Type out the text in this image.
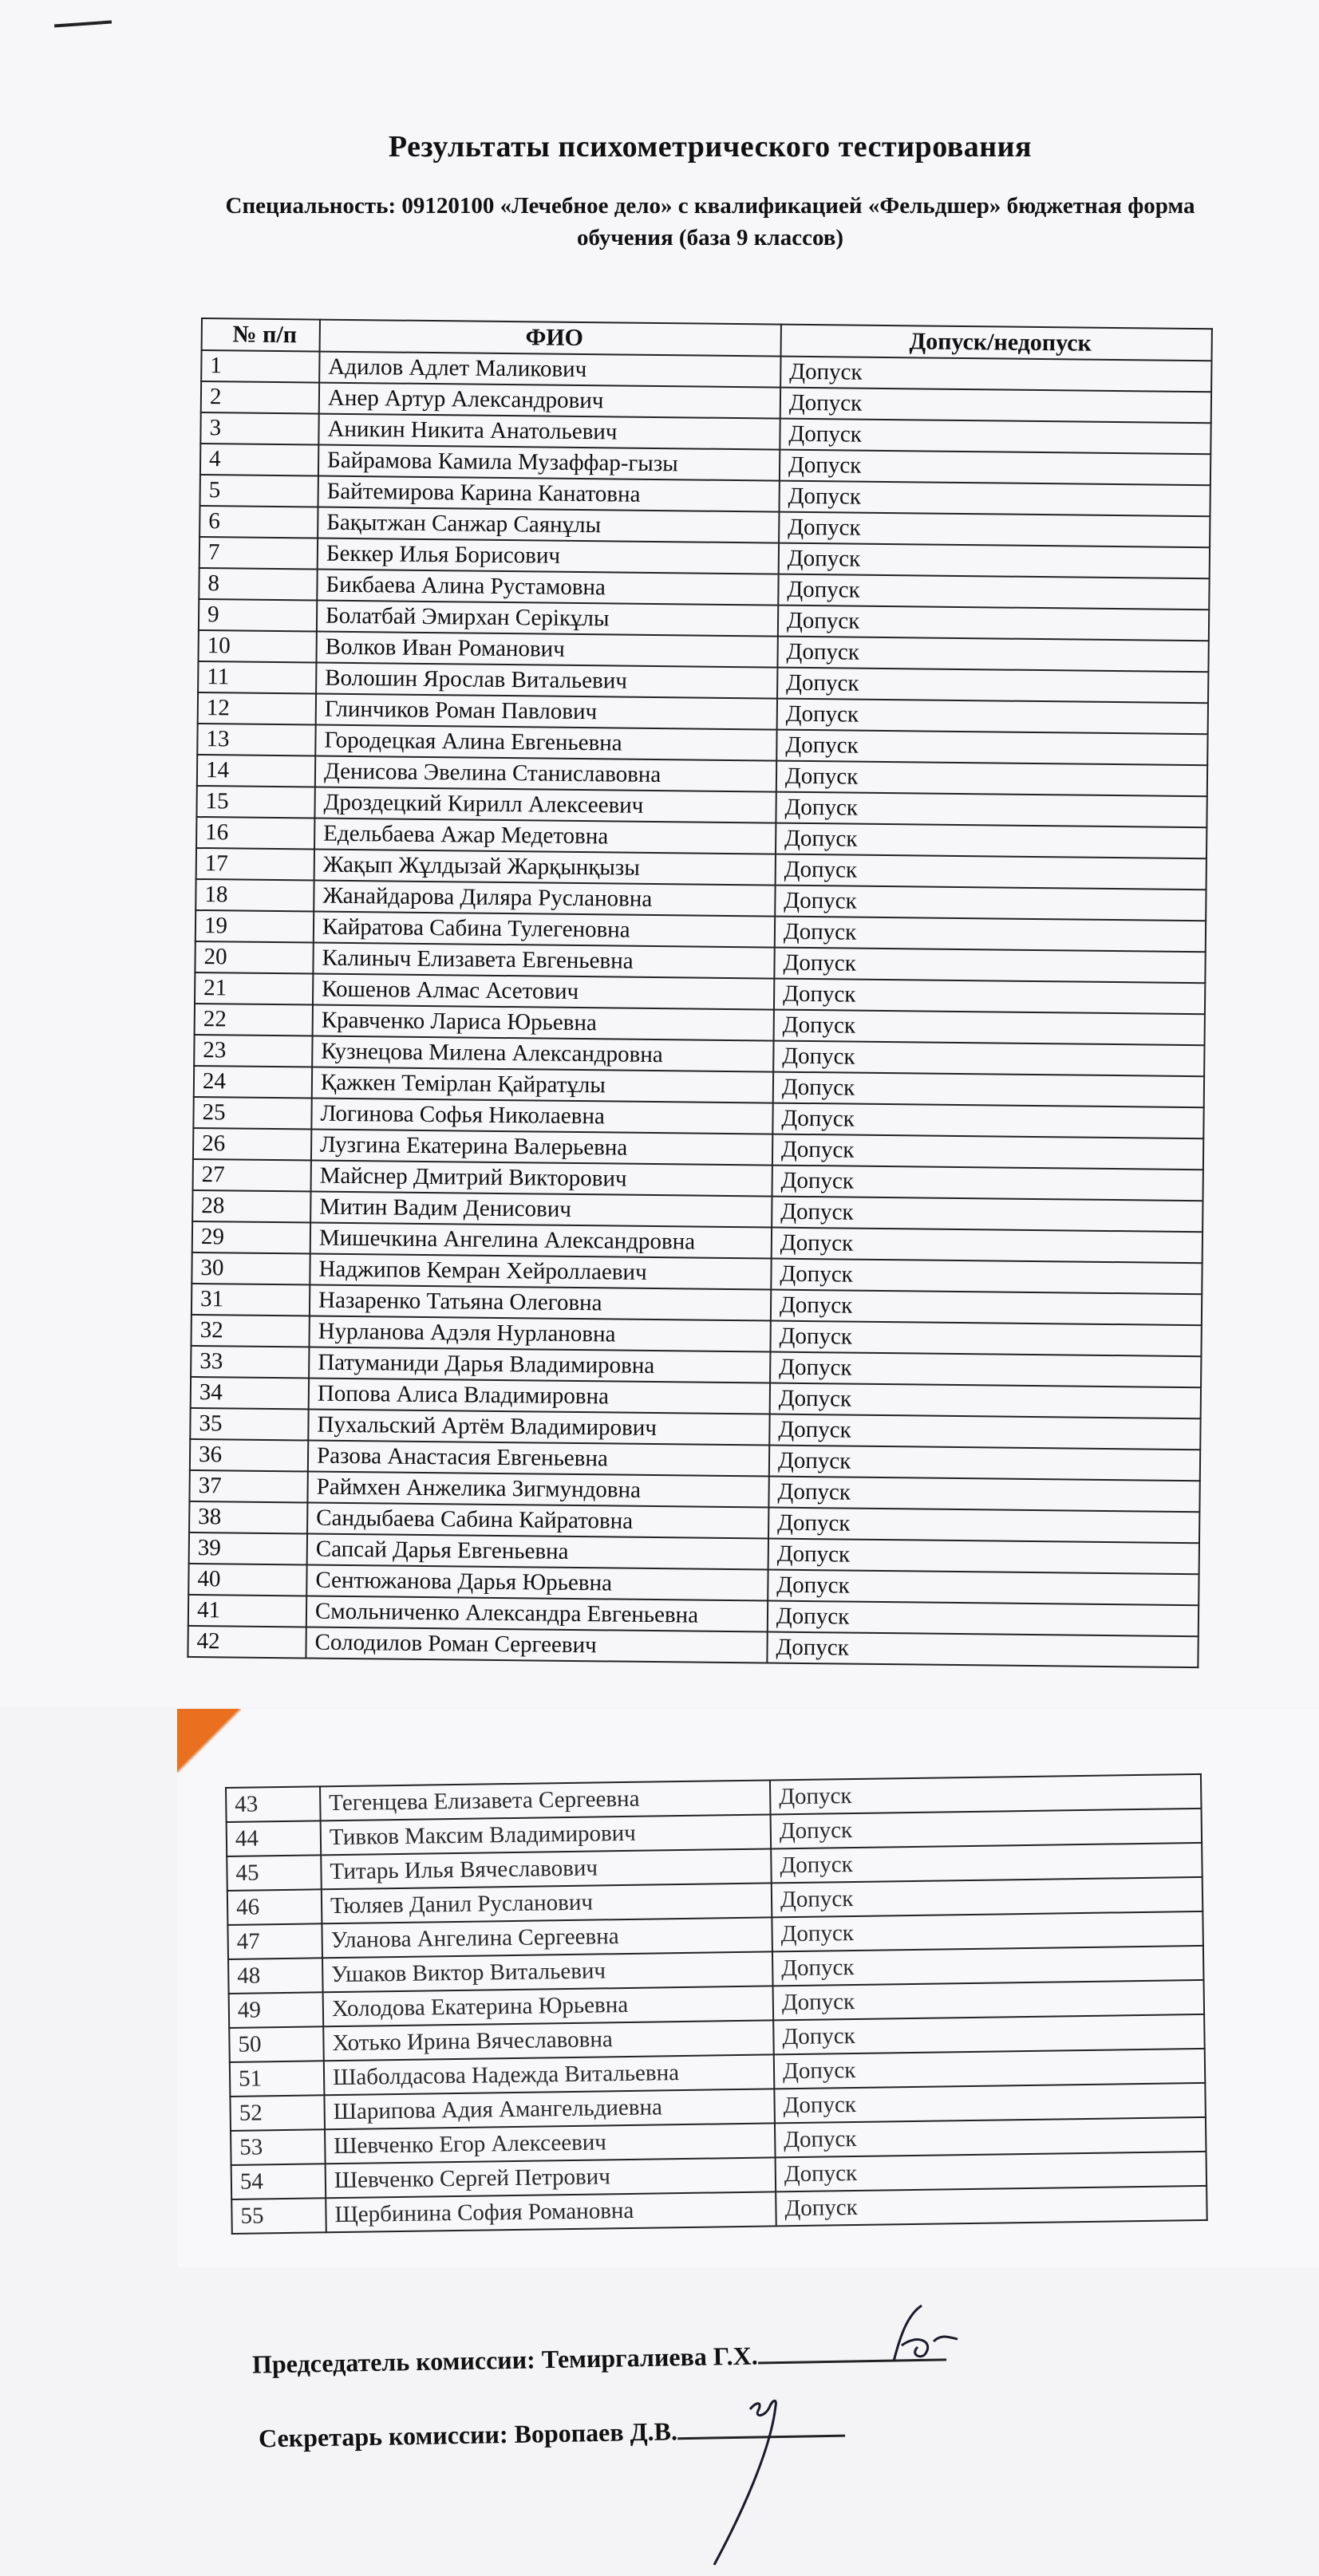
Результаты психометрического тестирования
Специальность: 09120100 «Лечебное дело» с квалификацией «Фельдшер» бюджетная форма обучения (база 9 классов)
№ п/п	ФИО	Допуск/недопуск
1	Адилов Адлет Маликович	Допуск
2	Анер Артур Александрович	Допуск
3	Аникин Никита Анатольевич	Допуск
4	Байрамова Камила Музаффар-гызы	Допуск
5	Байтемирова Карина Канатовна	Допуск
6	Бақытжан Санжар Саянұлы	Допуск
7	Беккер Илья Борисович	Допуск
8	Бикбаева Алина Рустамовна	Допуск
9	Болатбай Эмирхан Серікұлы	Допуск
10	Волков Иван Романович	Допуск
11	Волошин Ярослав Витальевич	Допуск
12	Глинчиков Роман Павлович	Допуск
13	Городецкая Алина Евгеньевна	Допуск
14	Денисова Эвелина Станиславовна	Допуск
15	Дроздецкий Кирилл Алексеевич	Допуск
16	Едельбаева Ажар Медетовна	Допуск
17	Жақып Жұлдызай Жарқынқызы	Допуск
18	Жанайдарова Диляра Руслановна	Допуск
19	Кайратова Сабина Тулегеновна	Допуск
20	Калиныч Елизавета Евгеньевна	Допуск
21	Кошенов Алмас Асетович	Допуск
22	Кравченко Лариса Юрьевна	Допуск
23	Кузнецова Милена Александровна	Допуск
24	Қажкен Темірлан Қайратұлы	Допуск
25	Логинова Софья Николаевна	Допуск
26	Лузгина Екатерина Валерьевна	Допуск
27	Майснер Дмитрий Викторович	Допуск
28	Митин Вадим Денисович	Допуск
29	Мишечкина Ангелина Александровна	Допуск
30	Наджипов Кемран Хейроллаевич	Допуск
31	Назаренко Татьяна Олеговна	Допуск
32	Нурланова Адэля Нурлановна	Допуск
33	Патуманиди Дарья Владимировна	Допуск
34	Попова Алиса Владимировна	Допуск
35	Пухальский Артём Владимирович	Допуск
36	Разова Анастасия Евгеньевна	Допуск
37	Раймхен Анжелика Зигмундовна	Допуск
38	Сандыбаева Сабина Кайратовна	Допуск
39	Сапсай Дарья Евгеньевна	Допуск
40	Сентюжанова Дарья Юрьевна	Допуск
41	Смольниченко Александра Евгеньевна	Допуск
42	Солодилов Роман Сергеевич	Допуск
43	Тегенцева Елизавета Сергеевна	Допуск
44	Тивков Максим Владимирович	Допуск
45	Титарь Илья Вячеславович	Допуск
46	Тюляев Данил Русланович	Допуск
47	Уланова Ангелина Сергеевна	Допуск
48	Ушаков Виктор Витальевич	Допуск
49	Холодова Екатерина Юрьевна	Допуск
50	Хотько Ирина Вячеславовна	Допуск
51	Шаболдасова Надежда Витальевна	Допуск
52	Шарипова Адия Амангельдиевна	Допуск
53	Шевченко Егор Алексеевич	Допуск
54	Шевченко Сергей Петрович	Допуск
55	Щербинина София Романовна	Допуск
Председатель комиссии: Темиргалиева Г.Х.
Секретарь комиссии: Воропаев Д.В.
